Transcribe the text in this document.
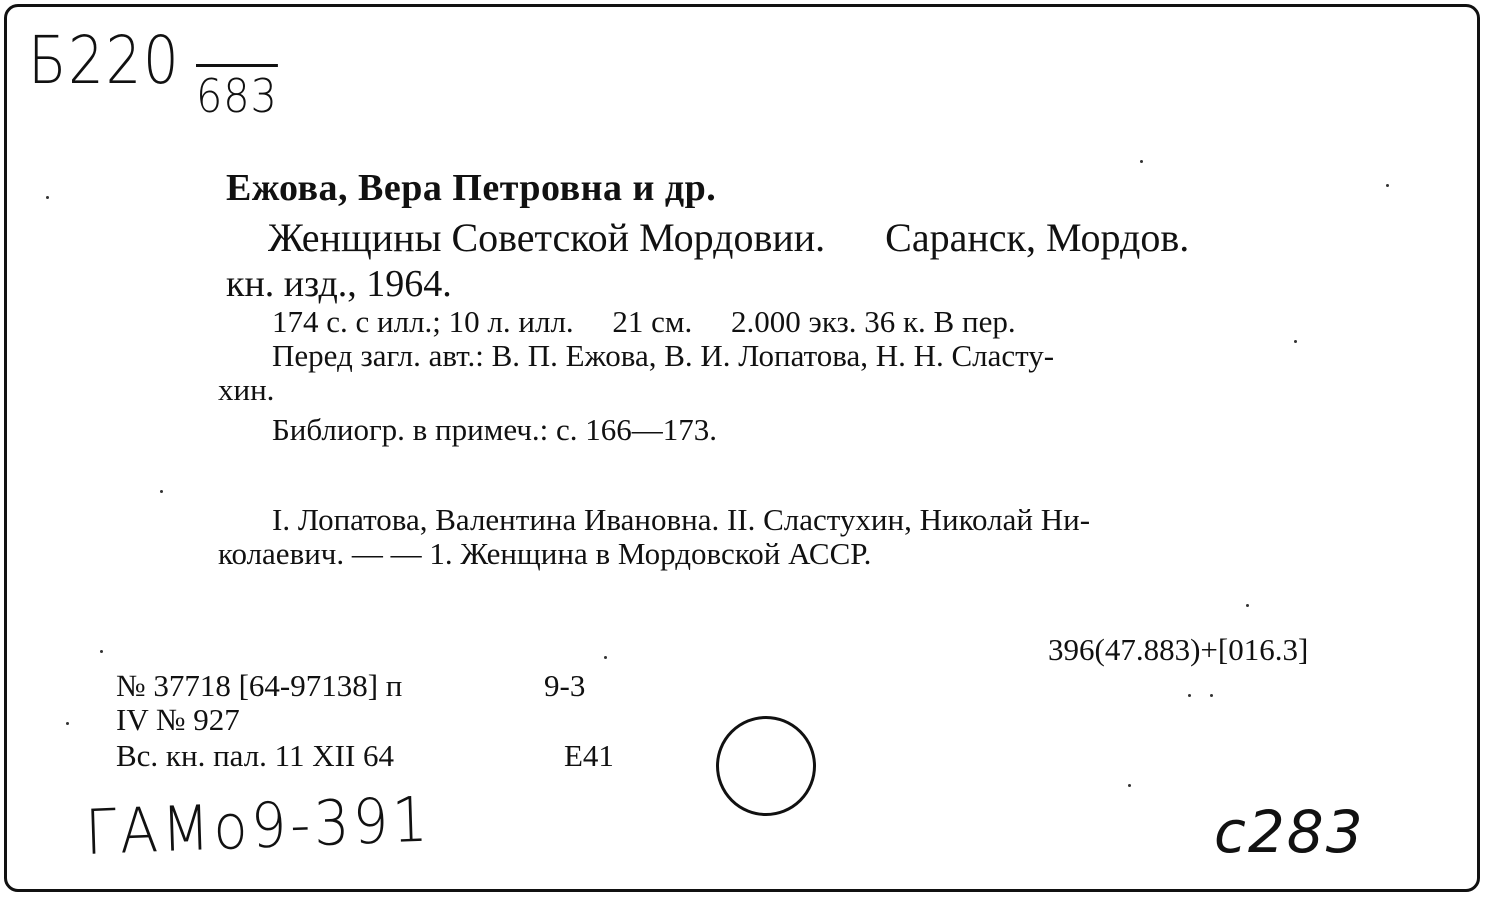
Б220 683
Ежова, Вера Петровна и др.
Женщины Советской Мордовии.      Саранск, Мордов.
кн. изд., 1964.
174 с. с илл.; 10 л. илл.     21 см.     2.000 экз. 36 к. В пер.
Перед загл. авт.: В. П. Ежова, В. И. Лопатова, Н. Н. Сласту-
хин.
Библиогр. в примеч.: с. 166—173.
I. Лопатова, Валентина Ивановна. II. Сластухин, Николай Ни-
колаевич. — — 1. Женщина в Мордовской АССР.
396(47.883)+[016.3]
№ 37718 [64-97138] п	9-3
IV № 927
Вс. кн. пал. 11 XII 64	Е41
ГАМо9-391	с283
